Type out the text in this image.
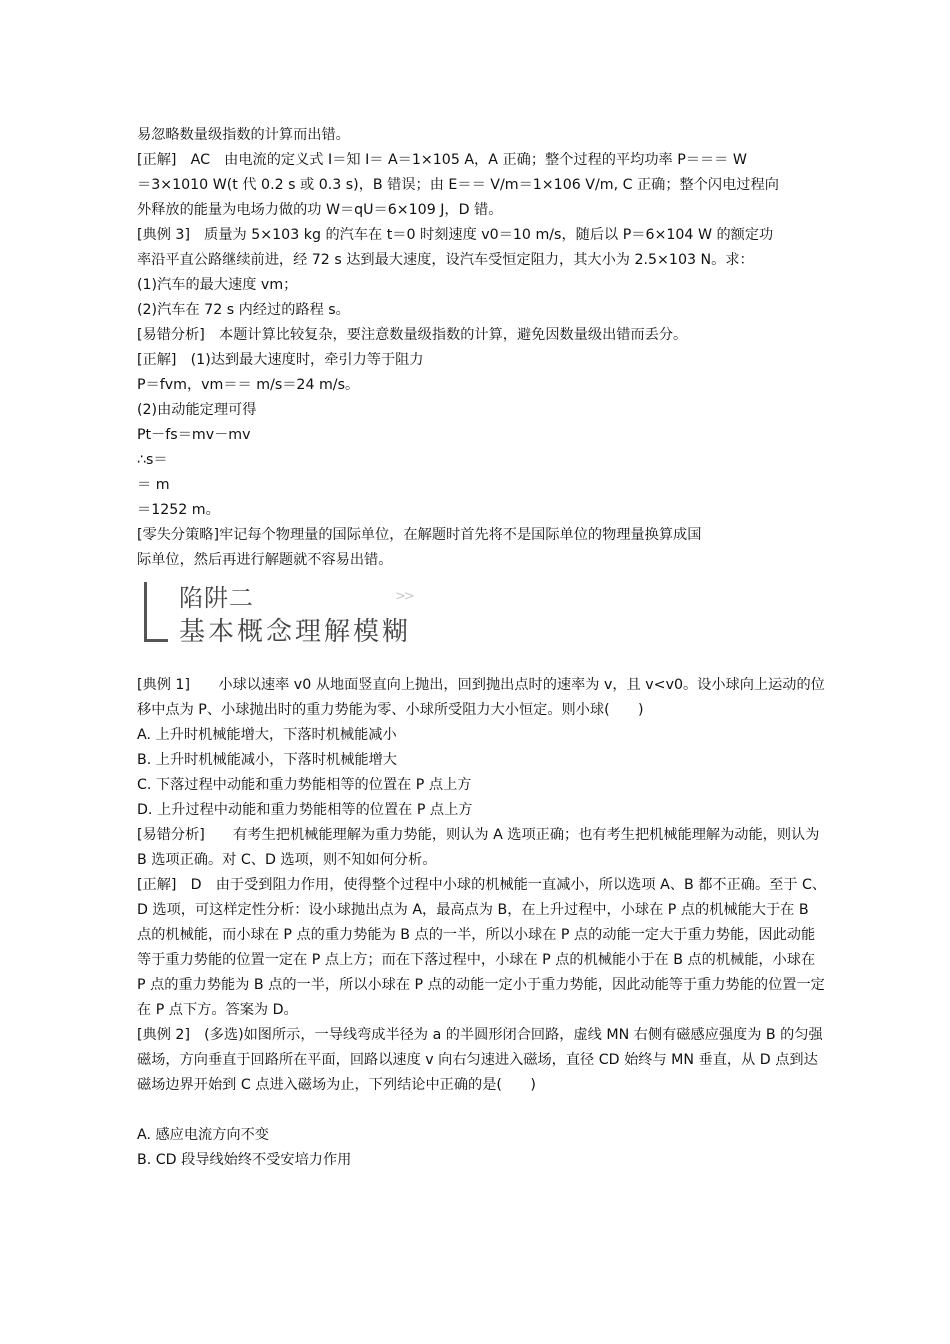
易忽略数量级指数的计算而出错。

[正解]　AC　由电流的定义式 I＝知 I＝ A＝1×105 A，A 正确；整个过程的平均功率 P＝＝＝ W

＝3×1010 W(t 代 0.2 s 或 0.3 s)，B 错误；由 E＝＝ V/m＝1×106 V/m, C 正确；整个闪电过程向

外释放的能量为电场力做的功 W＝qU＝6×109 J，D 错。

[典例 3]　质量为 5×103 kg 的汽车在 t＝0 时刻速度 v0＝10 m/s，随后以 P＝6×104 W 的额定功

率沿平直公路继续前进，经 72 s 达到最大速度，设汽车受恒定阻力，其大小为 2.5×103 N。求：

(1)汽车的最大速度 vm；

(2)汽车在 72 s 内经过的路程 s。

[易错分析]　本题计算比较复杂，要注意数量级指数的计算，避免因数量级出错而丢分。

[正解]　(1)达到最大速度时，牵引力等于阻力

P＝fvm，vm＝＝ m/s＝24 m/s。

(2)由动能定理可得

Pt－fs＝mv－mv

∴s＝

＝ m

＝1252 m。

[零失分策略]牢记每个物理量的国际单位，在解题时首先将不是国际单位的物理量换算成国

际单位，然后再进行解题就不容易出错。

陷阱二	>>
基本概念理解模糊

[典例 1]　　小球以速率 v0 从地面竖直向上抛出，回到抛出点时的速率为 v，且 v<v0。设小球向上运动的位移中点为 P、小球抛出时的重力势能为零、小球所受阻力大小恒定。则小球(　　)

A. 上升时机械能增大，下落时机械能减小

B. 上升时机械能减小，下落时机械能增大

C. 下落过程中动能和重力势能相等的位置在 P 点上方

D. 上升过程中动能和重力势能相等的位置在 P 点上方

[易错分析]　　有考生把机械能理解为重力势能，则认为 A 选项正确；也有考生把机械能理解为动能，则认为 B 选项正确。对 C、D 选项，则不知如何分析。

[正解]　D　由于受到阻力作用，使得整个过程中小球的机械能一直减小，所以选项 A、B 都不正确。至于 C、D 选项，可这样定性分析：设小球抛出点为 A，最高点为 B，在上升过程中，小球在 P 点的机械能大于在 B 点的机械能，而小球在 P 点的重力势能为 B 点的一半，所以小球在 P 点的动能一定大于重力势能，因此动能等于重力势能的位置一定在 P 点上方；而在下落过程中，小球在 P 点的机械能小于在 B 点的机械能，小球在 P 点的重力势能为 B 点的一半，所以小球在 P 点的动能一定小于重力势能，因此动能等于重力势能的位置一定在 P 点下方。答案为 D。

[典例 2]　(多选)如图所示，一导线弯成半径为 a 的半圆形闭合回路，虚线 MN 右侧有磁感应强度为 B 的匀强磁场，方向垂直于回路所在平面，回路以速度 v 向右匀速进入磁场，直径 CD 始终与 MN 垂直，从 D 点到达磁场边界开始到 C 点进入磁场为止，下列结论中正确的是(　　)

A. 感应电流方向不变

B. CD 段导线始终不受安培力作用
